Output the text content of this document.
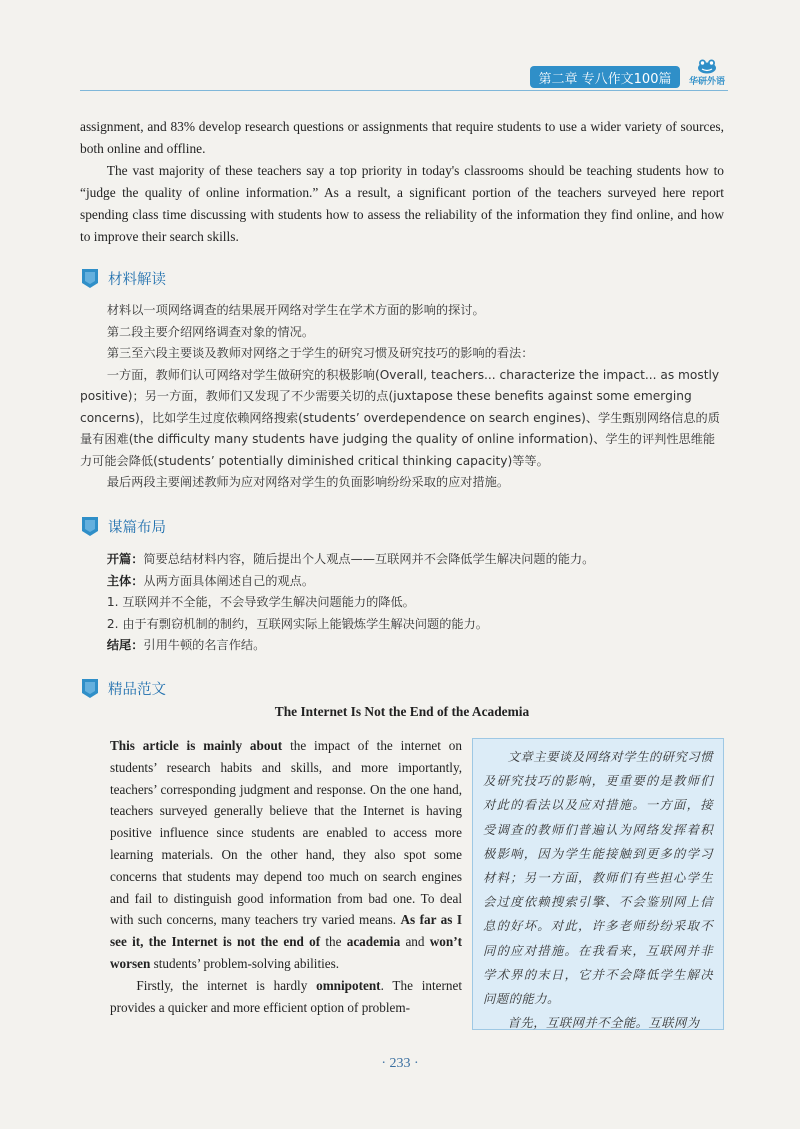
第二章 专八作文100篇 华研外语
assignment, and 83% develop research questions or assignments that require students to use a wider variety of sources, both online and offline.
The vast majority of these teachers say a top priority in today's classrooms should be teaching students how to “judge the quality of online information.” As a result, a significant portion of the teachers surveyed here report spending class time discussing with students how to assess the reliability of the information they find online, and how to improve their search skills.
材料解读

材料以一项网络调查的结果展开网络对学生在学术方面的影响的探讨。

第二段主要介绍网络调查对象的情况。

第三至六段主要谈及教师对网络之于学生的研究习惯及研究技巧的影响的看法：

一方面，教师们认可网络对学生做研究的积极影响(Overall, teachers... characterize the impact... as mostly positive)；另一方面，教师们又发现了不少需要关切的点(juxtapose these benefits against some emerging concerns)，比如学生过度依赖网络搜索(students’ overdependence on search engines)、学生甄别网络信息的质量有困难(the difficulty many students have judging the quality of online information)、学生的评判性思维能力可能会降低(students’ potentially diminished critical thinking capacity)等等。

最后两段主要阐述教师为应对网络对学生的负面影响纷纷采取的应对措施。

谋篇布局

开篇：简要总结材料内容，随后提出个人观点——互联网并不会降低学生解决问题的能力。

主体：从两方面具体阐述自己的观点。

1. 互联网并不全能，不会导致学生解决问题能力的降低。

2. 由于有剽窃机制的制约，互联网实际上能锻炼学生解决问题的能力。

结尾：引用牛顿的名言作结。

精品范文
The Internet Is Not the End of the Academia

This article is mainly about the impact of the internet on students’ research habits and skills, and more importantly, teachers’ corresponding judgment and response. On the one hand, teachers surveyed generally believe that the Internet is having positive influence since students are enabled to access more learning materials. On the other hand, they also spot some concerns that students may depend too much on search engines and fail to distinguish good information from bad one. To deal with such concerns, many teachers try varied means. As far as I see it, the Internet is not the end of the academia and won’t worsen students’ problem-solving abilities.

Firstly, the internet is hardly omnipotent. The internet provides a quicker and more efficient option of problem-

文章主要谈及网络对学生的研究习惯及研究技巧的影响，更重要的是教师们对此的看法以及应对措施。一方面，接受调查的教师们普遍认为网络发挥着积极影响，因为学生能接触到更多的学习材料；另一方面，教师们有些担心学生会过度依赖搜索引擎、不会鉴别网上信息的好坏。对此，许多老师纷纷采取不同的应对措施。在我看来，互联网并非学术界的末日，它并不会降低学生解决问题的能力。

首先，互联网并不全能。互联网为

· 233 ·
